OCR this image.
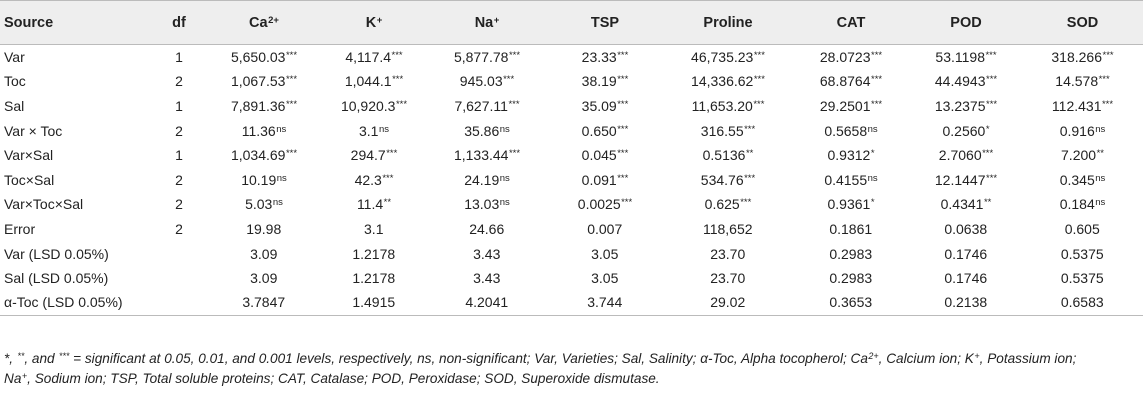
Source	df	$Ca^{2+}$	K+	Na+	TSP	Proline	CAT	POD	SOD
Var	1	5,650.03***	4,117.4***	5,877.78***	23.33***	46,735.23***	28.0723***	53.1198***	318.266***
Toc	2	1,067.53***	1,044.1***	945.03***	38.19***	14,336.62***	68.8764***	44.4943***	14.578***
Sal	1	7,891.36***	10,920.3***	7,627.11***	35.09***	11,653.20***	29.2501***	13.2375***	112.431***
Var × Toc	2	$11.36^{ns}$	$3.1^{ns}$	$35.86^{ns}$	0.650***	316.55***	$0.5658^{ns}$	0.2560*	$0.916^{ns}$
Var×Sal	1	1,034.69***	294.7***	1,133.44***	0.045***	0.5136**	0.9312*	2.7060***	7.200**
Toc×Sal	2	$10.19^{ns}$	42.3***	$24.19^{ns}$	0.091***	534.76***	$0.4155^{ns}$	12.1447***	$0.345^{ns}$
Var×Toc×Sal	2	$5.03^{ns}$	11.4**	$13.03^{ns}$	0.0025***	0.625***	0.9361*	0.4341**	$0.184^{ns}$
Error	2	19.98	3.1	24.66	0.007	118,652	0.1861	0.0638	0.605
Var (LSD 0.05%)		3.09	1.2178	3.43	3.05	23.70	0.2983	0.1746	0.5375
Sal (LSD 0.05%)		3.09	1.2178	3.43	3.05	23.70	0.2983	0.1746	0.5375
α-Toc (LSD 0.05%)		3.7847	1.4915	4.2041	3.744	29.02	0.3653	0.2138	0.6583
*, **, and *** = significant at 0.05, 0.01, and 0.001 levels, respectively, ns, non-significant; Var, Varieties; Sal, Salinity; α-Toc, Alpha tocopherol; $Ca^{2+}$, Calcium ion; K+, Potassium ion;
Na+, Sodium ion; TSP, Total soluble proteins; CAT, Catalase; POD, Peroxidase; SOD, Superoxide dismutase.
